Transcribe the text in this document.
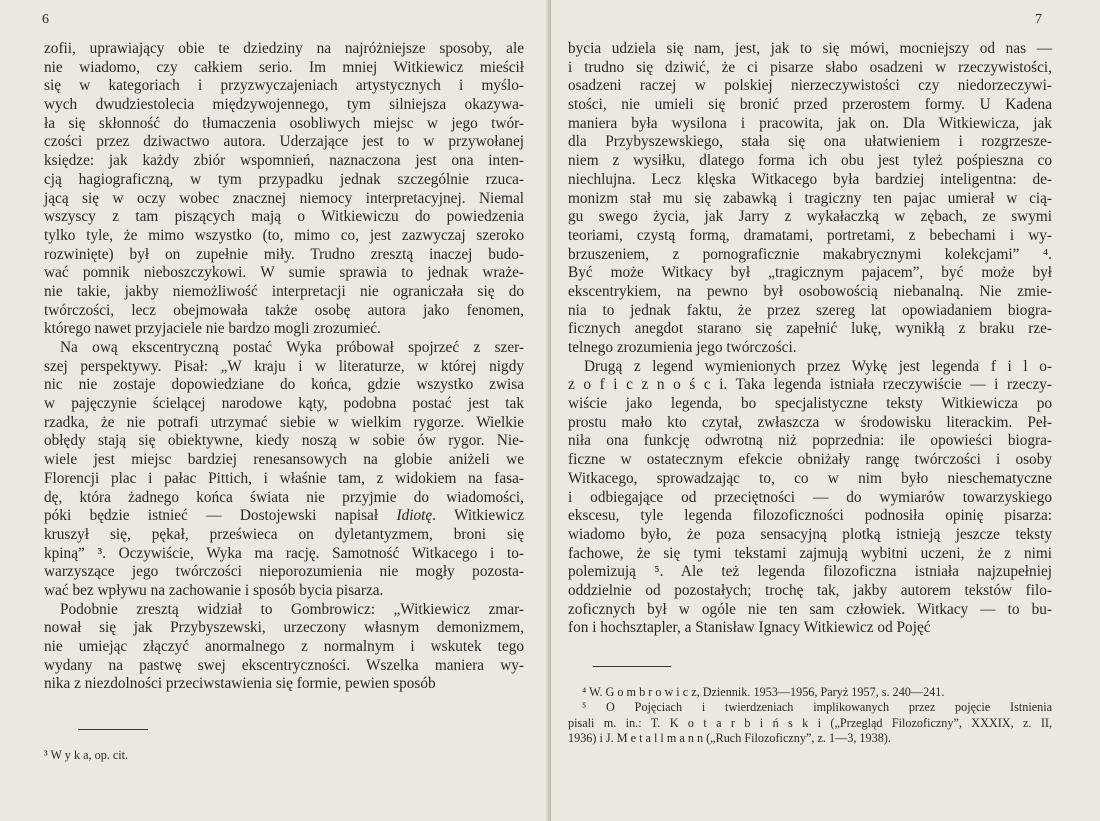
6
zofii, uprawiający obie te dziedziny na najróżniejsze sposoby, ale
nie wiadomo, czy całkiem serio. Im mniej Witkiewicz mieścił
się w kategoriach i przyzwyczajeniach artystycznych i myślo-
wych dwudziestolecia międzywojennego, tym silniejsza okazywa-
ła się skłonność do tłumaczenia osobliwych miejsc w jego twór-
czości przez dziwactwo autora. Uderzające jest to w przywołanej
księdze: jak każdy zbiór wspomnień, naznaczona jest ona inten-
cją hagiograficzną, w tym przypadku jednak szczególnie rzuca-
jącą się w oczy wobec znacznej niemocy interpretacyjnej. Niemal
wszyscy z tam piszących mają o Witkiewiczu do powiedzenia
tylko tyle, że mimo wszystko (to, mimo co, jest zazwyczaj szeroko
rozwinięte) był on zupełnie miły. Trudno zresztą inaczej budo-
wać pomnik nieboszczykowi. W sumie sprawia to jednak wraże-
nie takie, jakby niemożliwość interpretacji nie ograniczała się do
twórczości, lecz obejmowała także osobę autora jako fenomen,
którego nawet przyjaciele nie bardzo mogli zrozumieć.
Na ową ekscentryczną postać Wyka próbował spojrzeć z szer-
szej perspektywy. Pisał: „W kraju i w literaturze, w której nigdy
nic nie zostaje dopowiedziane do końca, gdzie wszystko zwisa
w pajęczynie ścielącej narodowe kąty, podobna postać jest tak
rzadka, że nie potrafi utrzymać siebie w wielkim rygorze. Wielkie
obłędy stają się obiektywne, kiedy noszą w sobie ów rygor. Nie-
wiele jest miejsc bardziej renesansowych na globie aniżeli we
Florencji plac i pałac Pittich, i właśnie tam, z widokiem na fasa-
dę, która żadnego końca świata nie przyjmie do wiadomości,
póki będzie istnieć — Dostojewski napisał Idiotę. Witkiewicz
kruszył się, pękał, prześwieca on dyletantyzmem, broni się
kpiną” ³. Oczywiście, Wyka ma rację. Samotność Witkacego i to-
warzyszące jego twórczości nieporozumienia nie mogły pozosta-
wać bez wpływu na zachowanie i sposób bycia pisarza.
Podobnie zresztą widział to Gombrowicz: „Witkiewicz zmar-
nował się jak Przybyszewski, urzeczony własnym demonizmem,
nie umiejąc złączyć anormalnego z normalnym i wskutek tego
wydany na pastwę swej ekscentryczności. Wszelka maniera wy-
nika z niezdolności przeciwstawienia się formie, pewien sposób
³ W y k a, op. cit.
7
bycia udziela się nam, jest, jak to się mówi, mocniejszy od nas —
i trudno się dziwić, że ci pisarze słabo osadzeni w rzeczywistości,
osadzeni raczej w polskiej nierzeczywistości czy niedorzeczywi-
stości, nie umieli się bronić przed przerostem formy. U Kadena
maniera była wysilona i pracowita, jak on. Dla Witkiewicza, jak
dla Przybyszewskiego, stała się ona ułatwieniem i rozgrzesze-
niem z wysiłku, dlatego forma ich obu jest tyleż pośpieszna co
niechlujna. Lecz klęska Witkacego była bardziej inteligentna: de-
monizm stał mu się zabawką i tragiczny ten pajac umierał w cią-
gu swego życia, jak Jarry z wykałaczką w zębach, ze swymi
teoriami, czystą formą, dramatami, portretami, z bebechami i wy-
brzuszeniem, z pornograficznie makabrycznymi kolekcjami” ⁴.
Być może Witkacy był „tragicznym pajacem”, być może był
ekscentrykiem, na pewno był osobowością niebanalną. Nie zmie-
nia to jednak faktu, że przez szereg lat opowiadaniem biogra-
ficznych anegdot starano się zapełnić lukę, wynikłą z braku rze-
telnego zrozumienia jego twórczości.
Drugą z legend wymienionych przez Wykę jest legenda f i l o-
z o f i c z n o ś c i. Taka legenda istniała rzeczywiście — i rzeczy-
wiście jako legenda, bo specjalistyczne teksty Witkiewicza po
prostu mało kto czytał, zwłaszcza w środowisku literackim. Peł-
niła ona funkcję odwrotną niż poprzednia: ile opowieści biogra-
ficzne w ostatecznym efekcie obniżały rangę twórczości i osoby
Witkacego, sprowadzając to, co w nim było nieschematyczne
i odbiegające od przeciętności — do wymiarów towarzyskiego
ekscesu, tyle legenda filozoficzności podnosiła opinię pisarza:
wiadomo było, że poza sensacyjną plotką istnieją jeszcze teksty
fachowe, że się tymi tekstami zajmują wybitni uczeni, że z nimi
polemizują ⁵. Ale też legenda filozoficzna istniała najzupełniej
oddzielnie od pozostałych; trochę tak, jakby autorem tekstów filo-
zoficznych był w ogóle nie ten sam człowiek. Witkacy — to bu-
fon i hochsztapler, a Stanisław Ignacy Witkiewicz od Pojęć
⁴ W. G o m b r o w i c z, Dziennik. 1953—1956, Paryż 1957, s. 240—241.
⁵ O Pojęciach i twierdzeniach implikowanych przez pojęcie Istnienia
pisali m. in.: T. K o t a r b i ń s k i („Przegląd Filozoficzny”, XXXIX, z. II,
1936) i J. M e t a l l m a n n („Ruch Filozoficzny”, z. 1—3, 1938).
